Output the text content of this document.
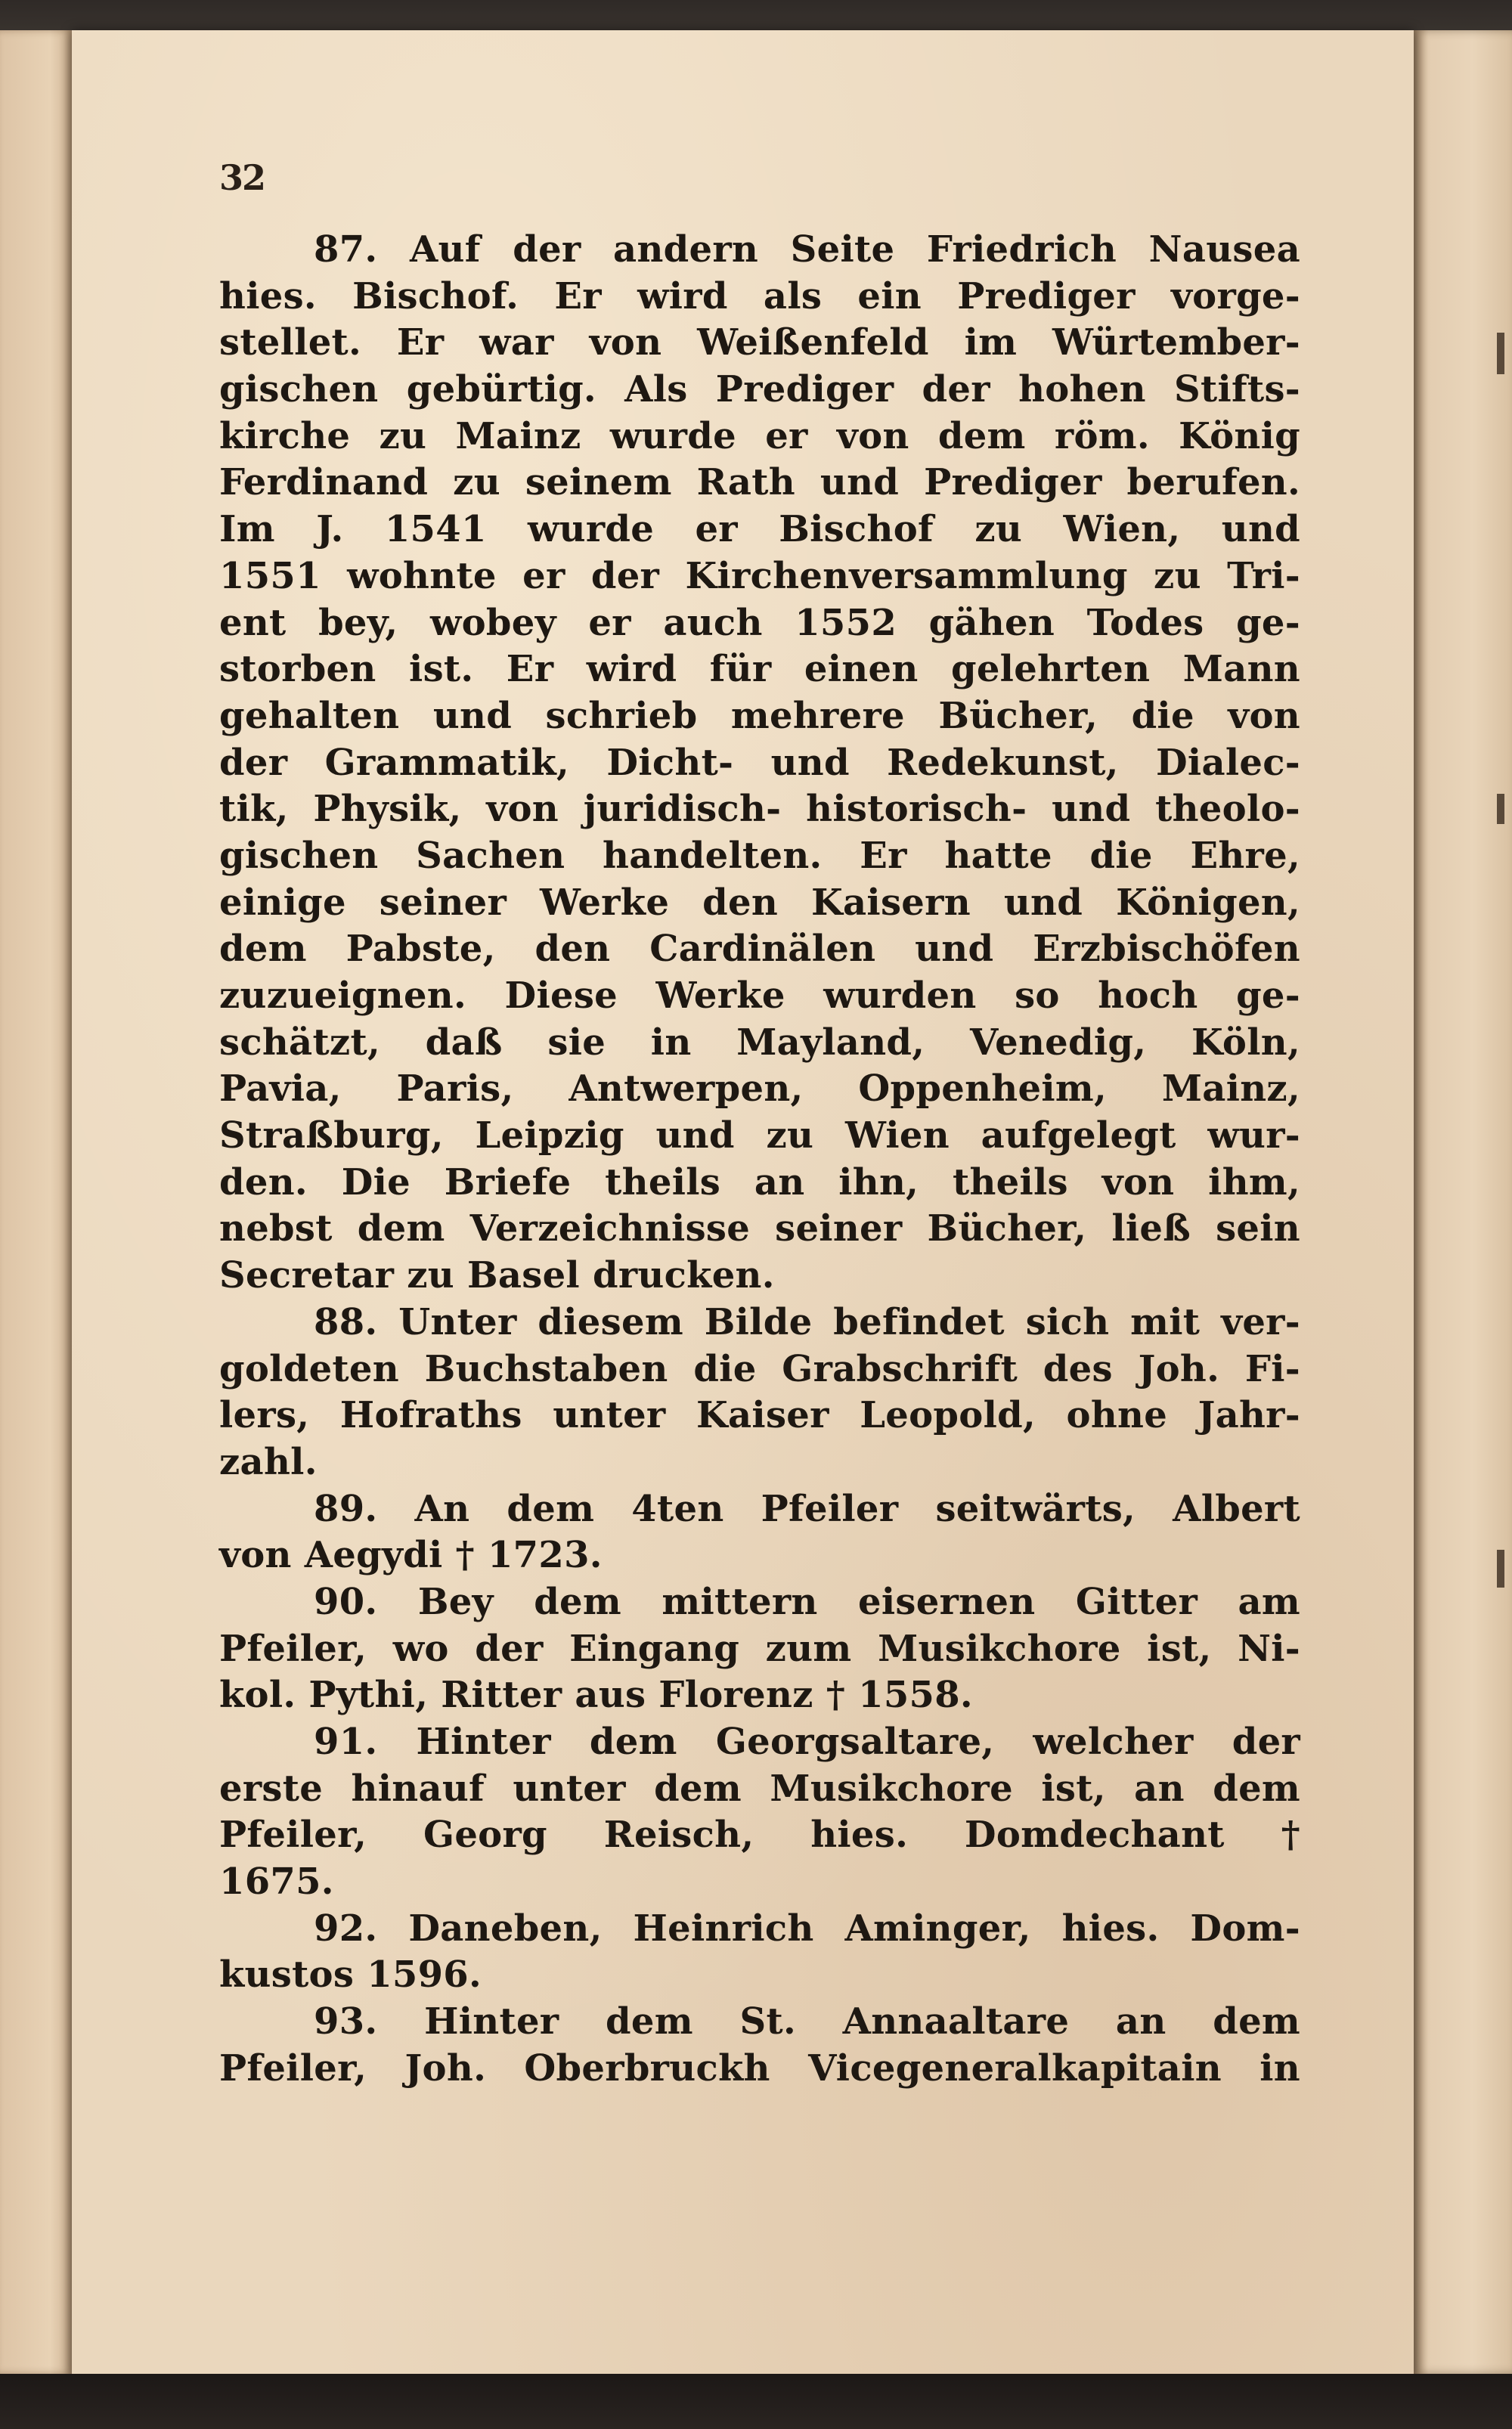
32
87. Auf der andern Seite Friedrich Nausea
hies. Bischof. Er wird als ein Prediger vorge-
stellet. Er war von Weißenfeld im Würtember-
gischen gebürtig. Als Prediger der hohen Stifts-
kirche zu Mainz wurde er von dem röm. König
Ferdinand zu seinem Rath und Prediger berufen.
Im J. 1541 wurde er Bischof zu Wien, und
1551 wohnte er der Kirchenversammlung zu Tri-
ent bey, wobey er auch 1552 gähen Todes ge-
storben ist. Er wird für einen gelehrten Mann
gehalten und schrieb mehrere Bücher, die von
der Grammatik, Dicht- und Redekunst, Dialec-
tik, Physik, von juridisch- historisch- und theolo-
gischen Sachen handelten. Er hatte die Ehre,
einige seiner Werke den Kaisern und Königen,
dem Pabste, den Cardinälen und Erzbischöfen
zuzueignen. Diese Werke wurden so hoch ge-
schätzt, daß sie in Mayland, Venedig, Köln,
Pavia, Paris, Antwerpen, Oppenheim, Mainz,
Straßburg, Leipzig und zu Wien aufgelegt wur-
den. Die Briefe theils an ihn, theils von ihm,
nebst dem Verzeichnisse seiner Bücher, ließ sein
Secretar zu Basel drucken.
88. Unter diesem Bilde befindet sich mit ver-
goldeten Buchstaben die Grabschrift des Joh. Fi-
lers, Hofraths unter Kaiser Leopold, ohne Jahr-
zahl.
89. An dem 4ten Pfeiler seitwärts, Albert
von Aegydi † 1723.
90. Bey dem mittern eisernen Gitter am
Pfeiler, wo der Eingang zum Musikchore ist, Ni-
kol. Pythi, Ritter aus Florenz † 1558.
91. Hinter dem Georgsaltare, welcher der
erste hinauf unter dem Musikchore ist, an dem
Pfeiler, Georg Reisch, hies. Domdechant †
1675.
92. Daneben, Heinrich Aminger, hies. Dom-
kustos 1596.
93. Hinter dem St. Annaaltare an dem
Pfeiler, Joh. Oberbruckh Vicegeneralkapitain in
